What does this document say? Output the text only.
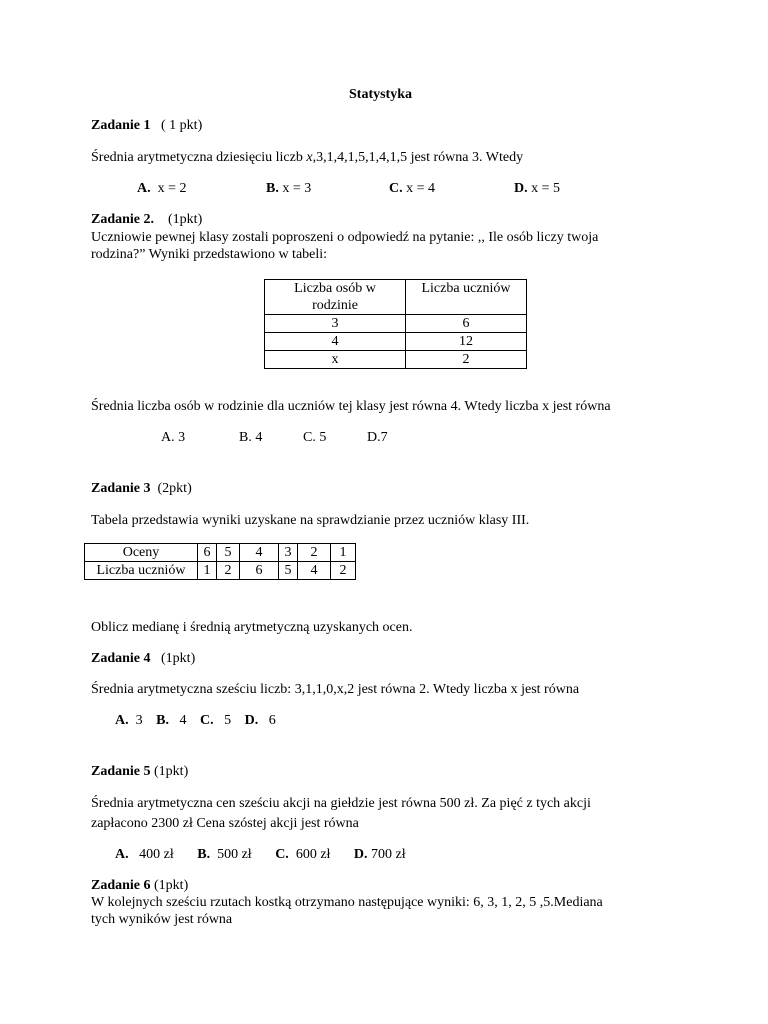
Statystyka
Zadanie 1 ( 1 pkt)
Średnia arytmetyczna dziesięciu liczb x,3,1,4,1,5,1,4,1,5 jest równa 3. Wtedy
A. x = 2	B. x = 3	C. x = 4	D. x = 5
Zadanie 2. (1pkt)
Uczniowie pewnej klasy zostali poproszeni o odpowiedź na pytanie: ,, Ile osób liczy twoja
rodzina?” Wyniki przedstawiono w tabeli:
Liczba osób w rodzinie	Liczba uczniów
3	6
4	12
x	2
Średnia liczba osób w rodzinie dla uczniów tej klasy jest równa 4. Wtedy liczba x jest równa
A. 3	B. 4	C. 5	D.7
Zadanie 3 (2pkt)
Tabela przedstawia wyniki uzyskane na sprawdzianie przez uczniów klasy III.
Oceny	6	5	4	3	2	1
Liczba uczniów	1	2	6	5	4	2
Oblicz medianę i średnią arytmetyczną uzyskanych ocen.
Zadanie 4 (1pkt)
Średnia arytmetyczna sześciu liczb: 3,1,1,0,x,2 jest równa 2. Wtedy liczba x jest równa
A. 3 B. 4 C. 5 D. 6
Zadanie 5 (1pkt)
Średnia arytmetyczna cen sześciu akcji na giełdzie jest równa 500 zł. Za pięć z tych akcji
zapłacono 2300 zł Cena szóstej akcji jest równa
A. 400 zł B. 500 zł C. 600 zł D. 700 zł
Zadanie 6 (1pkt)
W kolejnych sześciu rzutach kostką otrzymano następujące wyniki: 6, 3, 1, 2, 5 ,5.Mediana
tych wyników jest równa
